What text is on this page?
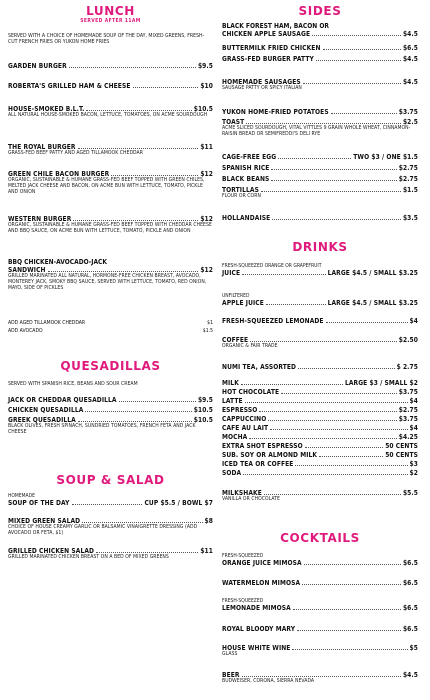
LUNCH
SERVED AFTER 11AM
SERVED WITH A CHOICE OF HOMEMADE SOUP OF THE DAY, MIXED GREENS, FRESH-CUT FRENCH FRIES OR YUKON HOME FRIES
GARDEN BURGER	$9.5
ROBERTA'S GRILLED HAM & CHEESE	$10
HOUSE-SMOKED B.L.T.	$10.5
ALL NATURAL HOUSE-SMOKED BACON, LETTUCE, TOMATOES, ON ACME SOURDOUGH
THE ROYAL BURGER	$11
GRASS-FED BEEF PATTY AND AGED TILLAMOOK CHEDDAR
GREEN CHILE BACON BURGER	$12
ORGANIC, SUSTAINABLE & HUMANE GRASS-FED BEEF TOPPED WITH GREEN CHILES, MELTED JACK CHEESE AND BACON, ON ACME BUN WITH LETTUCE, TOMATO, PICKLE AND ONION
WESTERN BURGER	$12
ORGANIC, SUSTAINABLE & HUMANE GRASS-FED BEEF TOPPED WITH CHEDDAR CHEESE AND BBQ SAUCE, ON ACME BUN WITH LETTUCE, TOMATO, PICKLE AND ONION
BBQ CHICKEN-AVOCADO-JACK
SANDWICH	$12
GRILLED MARINATED ALL NATURAL, HORMONE-FREE CHICKEN BREAST, AVOCADO, MONTEREY JACK, SMOKY BBQ SAUCE, SERVED WITH LETTUCE, TOMATO, RED ONION, MAYO, SIDE OF PICKLES
ADD AGED TILLAMOOK CHEDDAR	$1
ADD AVOCADO	$1.5
QUESADILLAS
SERVED WITH SPANISH RICE, BEANS AND SOUR CREAM
JACK OR CHEDDAR QUESADILLA	$9.5
CHICKEN QUESADILLA	$10.5
GREEK QUESADILLA	$10.5
BLACK OLIVES, FRESH SPINACH, SUNDRIED TOMATOES, FRENCH FETA AND JACK CHEESE
SOUP & SALAD
HOMEMADE
SOUP OF THE DAY	CUP $5.5 / BOWL $7
MIXED GREEN SALAD	$8
CHOICE OF HOUSE CREAMY GARLIC OR BALSAMIC VINAIGRETTE DRESSING (ADD AVOCADO OR FETA, $1)
GRILLED CHICKEN SALAD	$11
GRILLED MARINATED CHICKEN BREAST ON A BED OF MIXED GREENS
SIDES
BLACK FOREST HAM, BACON OR
CHICKEN APPLE SAUSAGE	$4.5
BUTTERMILK FRIED CHICKEN	$6.5
GRASS-FED BURGER PATTY	$4.5
HOMEMADE SAUSAGES	$4.5
SAUSAGE PATTY OR SPICY ITALIAN
YUKON HOME-FRIED POTATOES	$3.75
TOAST	$2.5
ACME SLICED SOURDOUGH, VITAL VITTLES 9 GRAIN WHOLE WHEAT, CINNAMON-RAISIN BREAD OR SEMIFREDDI'S DELI RYE
CAGE-FREE EGG	TWO $3 / ONE $1.5
SPANISH RICE	$2.75
BLACK BEANS	$2.75
TORTILLAS	$1.5
FLOUR OR CORN
HOLLANDAISE	$3.5
DRINKS
FRESH-SQUEEZED ORANGE OR GRAPEFRUIT
JUICE	LARGE $4.5 / SMALL $3.25
UNFILTERED
APPLE JUICE	LARGE $4.5 / SMALL $3.25
FRESH-SQUEEZED LEMONADE	$4
COFFEE	$2.50
ORGANIC & FAIR TRADE
NUMI TEA, ASSORTED	$ 2.75
MILK	LARGE $3 / SMALL $2
HOT CHOCOLATE	$3.75
LATTE	$4
ESPRESSO	$2.75
CAPPUCCINO	$3.75
CAFE AU LAIT	$4
MOCHA	$4.25
EXTRA SHOT ESPRESSO	50 CENTS
SUB. SOY OR ALMOND MILK	50 CENTS
ICED TEA OR COFFEE	$3
SODA	$2
MILKSHAKE	$5.5
VANILLA OR CHOCOLATE
COCKTAILS
FRESH-SQUEEZED
ORANGE JUICE MIMOSA	$6.5
WATERMELON MIMOSA	$6.5
FRESH-SQUEEZED
LEMONADE MIMOSA	$6.5
ROYAL BLOODY MARY	$6.5
HOUSE WHITE WINE	$5
GLASS
BEER	$4.5
BUDWEISER, CORONA, SIERRA NEVADA
